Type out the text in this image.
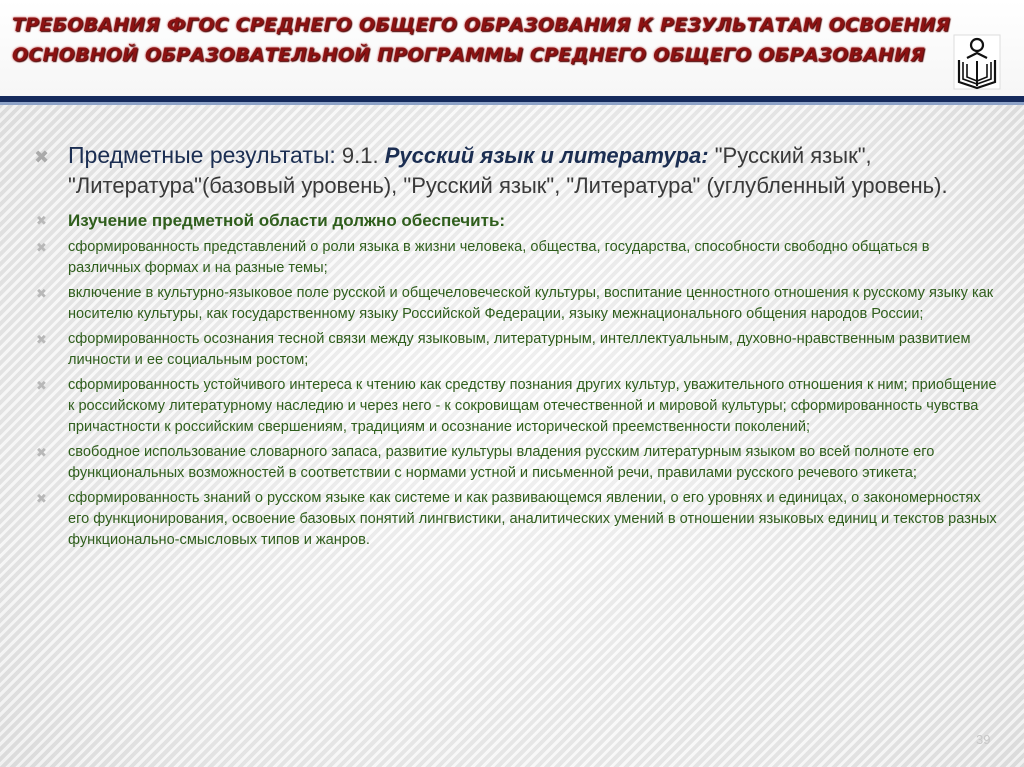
ТРЕБОВАНИЯ ФГОС СРЕДНЕГО ОБЩЕГО ОБРАЗОВАНИЯ К РЕЗУЛЬТАТАМ ОСВОЕНИЯ

ОСНОВНОЙ ОБРАЗОВАТЕЛЬНОЙ ПРОГРАММЫ СРЕДНЕГО ОБЩЕГО ОБРАЗОВАНИЯ

✖ Предметные результаты: 9.1. Русский язык и литература: "Русский язык", "Литература"(базовый уровень), "Русский язык", "Литература" (углубленный уровень).
✖ Изучение предметной области должно обеспечить:
✖ сформированность представлений о роли языка в жизни человека, общества, государства, способности свободно общаться в различных формах и на разные темы;
✖ включение в культурно-языковое поле русской и общечеловеческой культуры, воспитание ценностного отношения к русскому языку как носителю культуры, как государственному языку Российской Федерации, языку межнационального общения народов России;
✖ сформированность осознания тесной связи между языковым, литературным, интеллектуальным, духовно-нравственным развитием личности и ее социальным ростом;
✖ сформированность устойчивого интереса к чтению как средству познания других культур, уважительного отношения к ним; приобщение к российскому литературному наследию и через него - к сокровищам отечественной и мировой культуры; сформированность чувства причастности к российским свершениям, традициям и осознание исторической преемственности поколений;
✖ свободное использование словарного запаса, развитие культуры владения русским литературным языком во всей полноте его функциональных возможностей в соответствии с нормами устной и письменной речи, правилами русского речевого этикета;
✖ сформированность знаний о русском языке как системе и как развивающемся явлении, о его уровнях и единицах, о закономерностях его функционирования, освоение базовых понятий лингвистики, аналитических умений в отношении языковых единиц и текстов разных функционально-смысловых типов и жанров.
39
